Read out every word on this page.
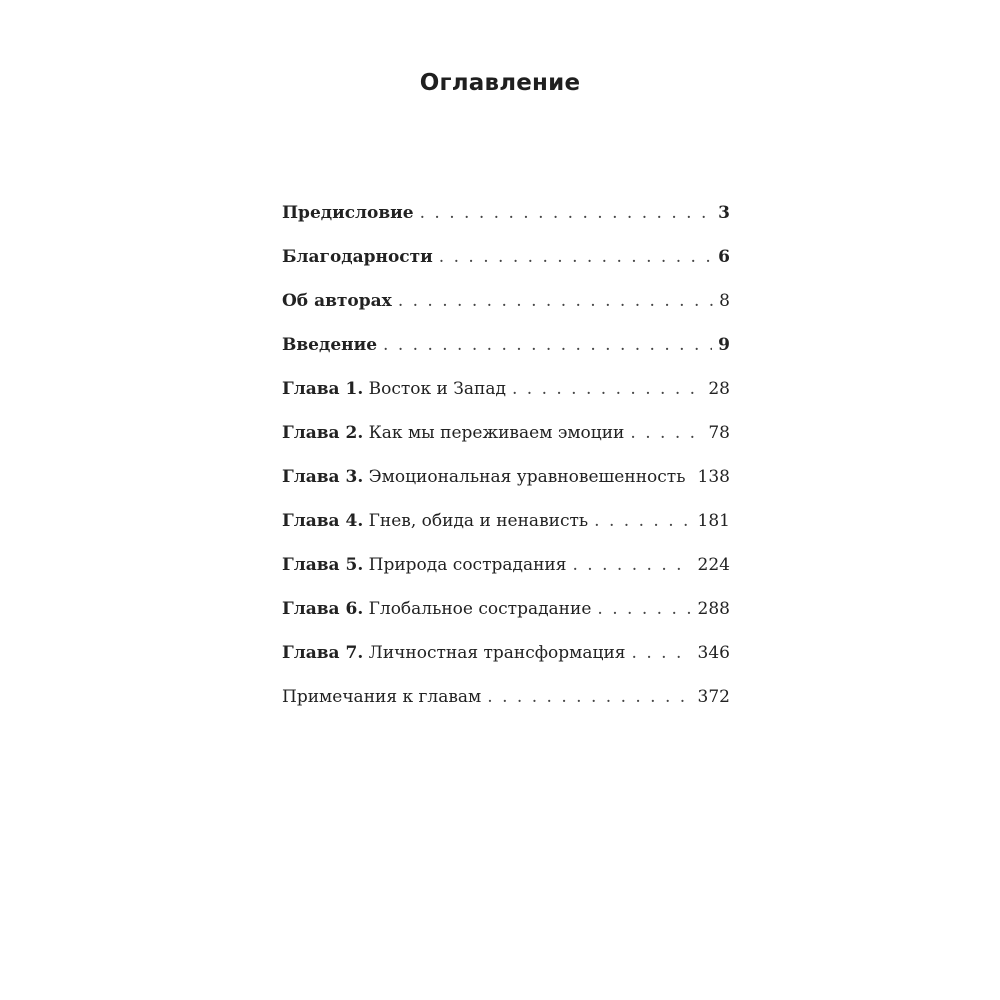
Оглавление
Предисловие . . .	3
Благодарности . . .	6
Об авторах . . .	8
Введение . . .	9
Глава 1. Восток и Запад . . .	28
Глава 2. Как мы переживаем эмоции . . .	78
Глава 3. Эмоциональная уравновешенность . . . 138
Глава 4. Гнев, обида и ненависть . . .	181
Глава 5. Природа сострадания . . .	224
Глава 6. Глобальное сострадание . . .	288
Глава 7. Личностная трансформация . . .	346
Примечания к главам . . .	372
